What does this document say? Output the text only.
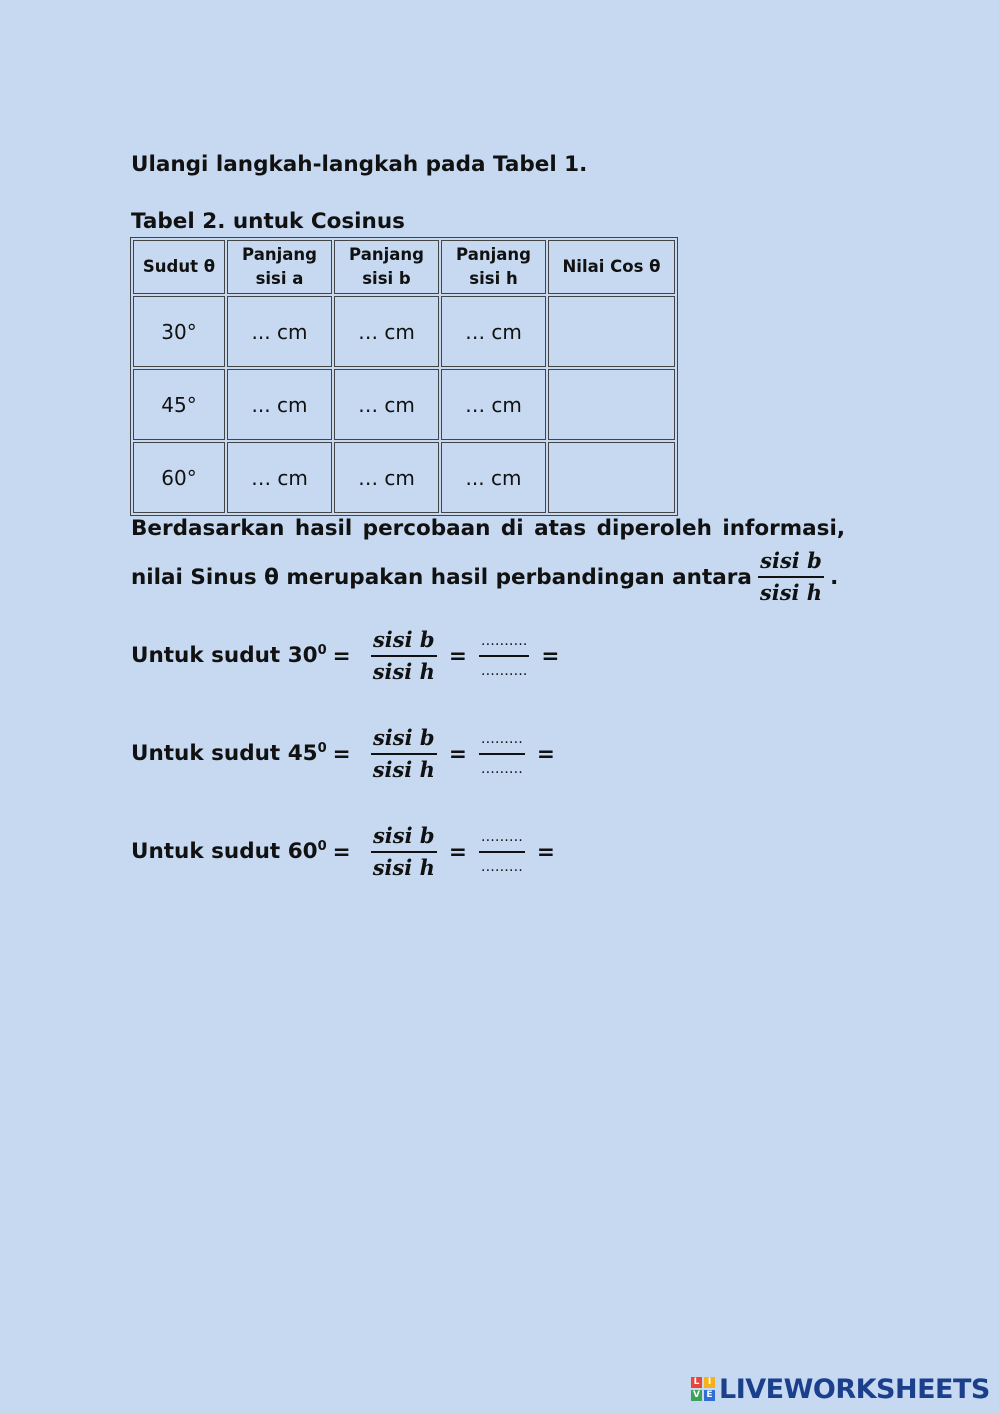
Ulangi langkah-langkah pada Tabel 1.
Tabel 2. untuk Cosinus
Sudut θ	Panjang sisi a	Panjang sisi b	Panjang sisi h	Nilai Cos θ
30°	... cm	… cm	… cm	
45°	... cm	… cm	… cm	
60°	… cm	… cm	... cm	
Berdasarkan hasil percobaan di atas diperoleh informasi,
nilai Sinus θ merupakan hasil perbandingan antara $\frac{\text{sisi b}}{\text{sisi h}}$ .
Untuk sudut $30^0 = \frac{\text{sisi b}}{\text{sisi h}} = \frac{\dots\dots\dots.}{\dots\dots\dots.}$ =
Untuk sudut $45^0 = \frac{\text{sisi b}}{\text{sisi h}} = \frac{\dots\dots\dots}{\dots\dots\dots}$ =
Untuk sudut $60^0 = \frac{\text{sisi b}}{\text{sisi h}} = \frac{\dots\dots\dots}{\dots\dots\dots}$ =
L I
V E LIVEWORKSHEETS
